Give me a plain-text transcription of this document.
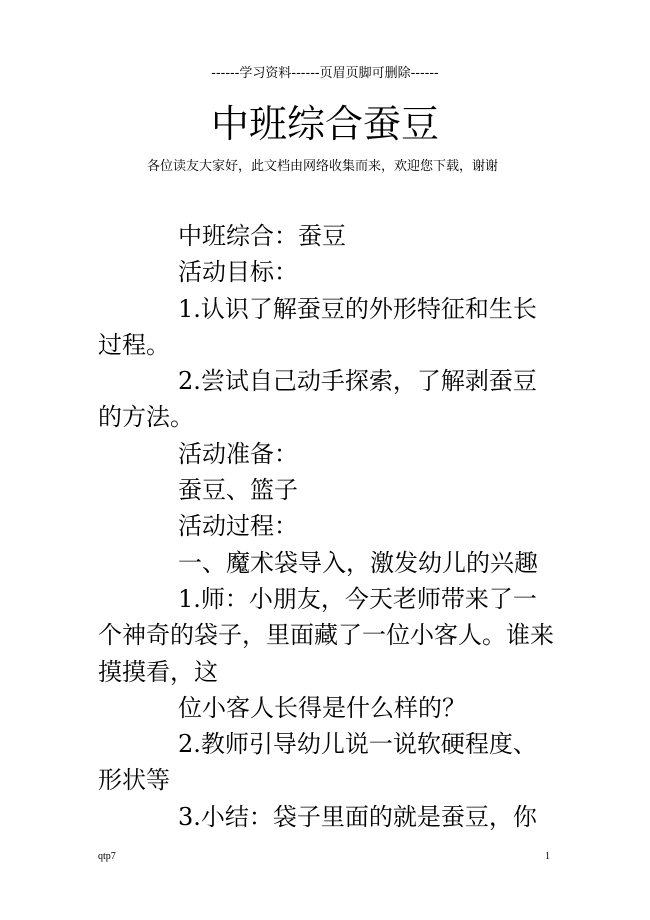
------学习资料------页眉页脚可删除------
中班综合蚕豆
各位读友大家好，此文档由网络收集而来，欢迎您下载，谢谢

中班综合：蚕豆

活动目标：

1.认识了解蚕豆的外形特征和生长过程。

2.尝试自己动手探索，了解剥蚕豆的方法。

活动准备：

蚕豆、篮子

活动过程：

一、魔术袋导入，激发幼儿的兴趣

1.师：小朋友，今天老师带来了一个神奇的袋子，里面藏了一位小客人。谁来摸摸看，这

位小客人长得是什么样的？

2.教师引导幼儿说一说软硬程度、形状等

3.小结：袋子里面的就是蚕豆，你

qtp7	1
